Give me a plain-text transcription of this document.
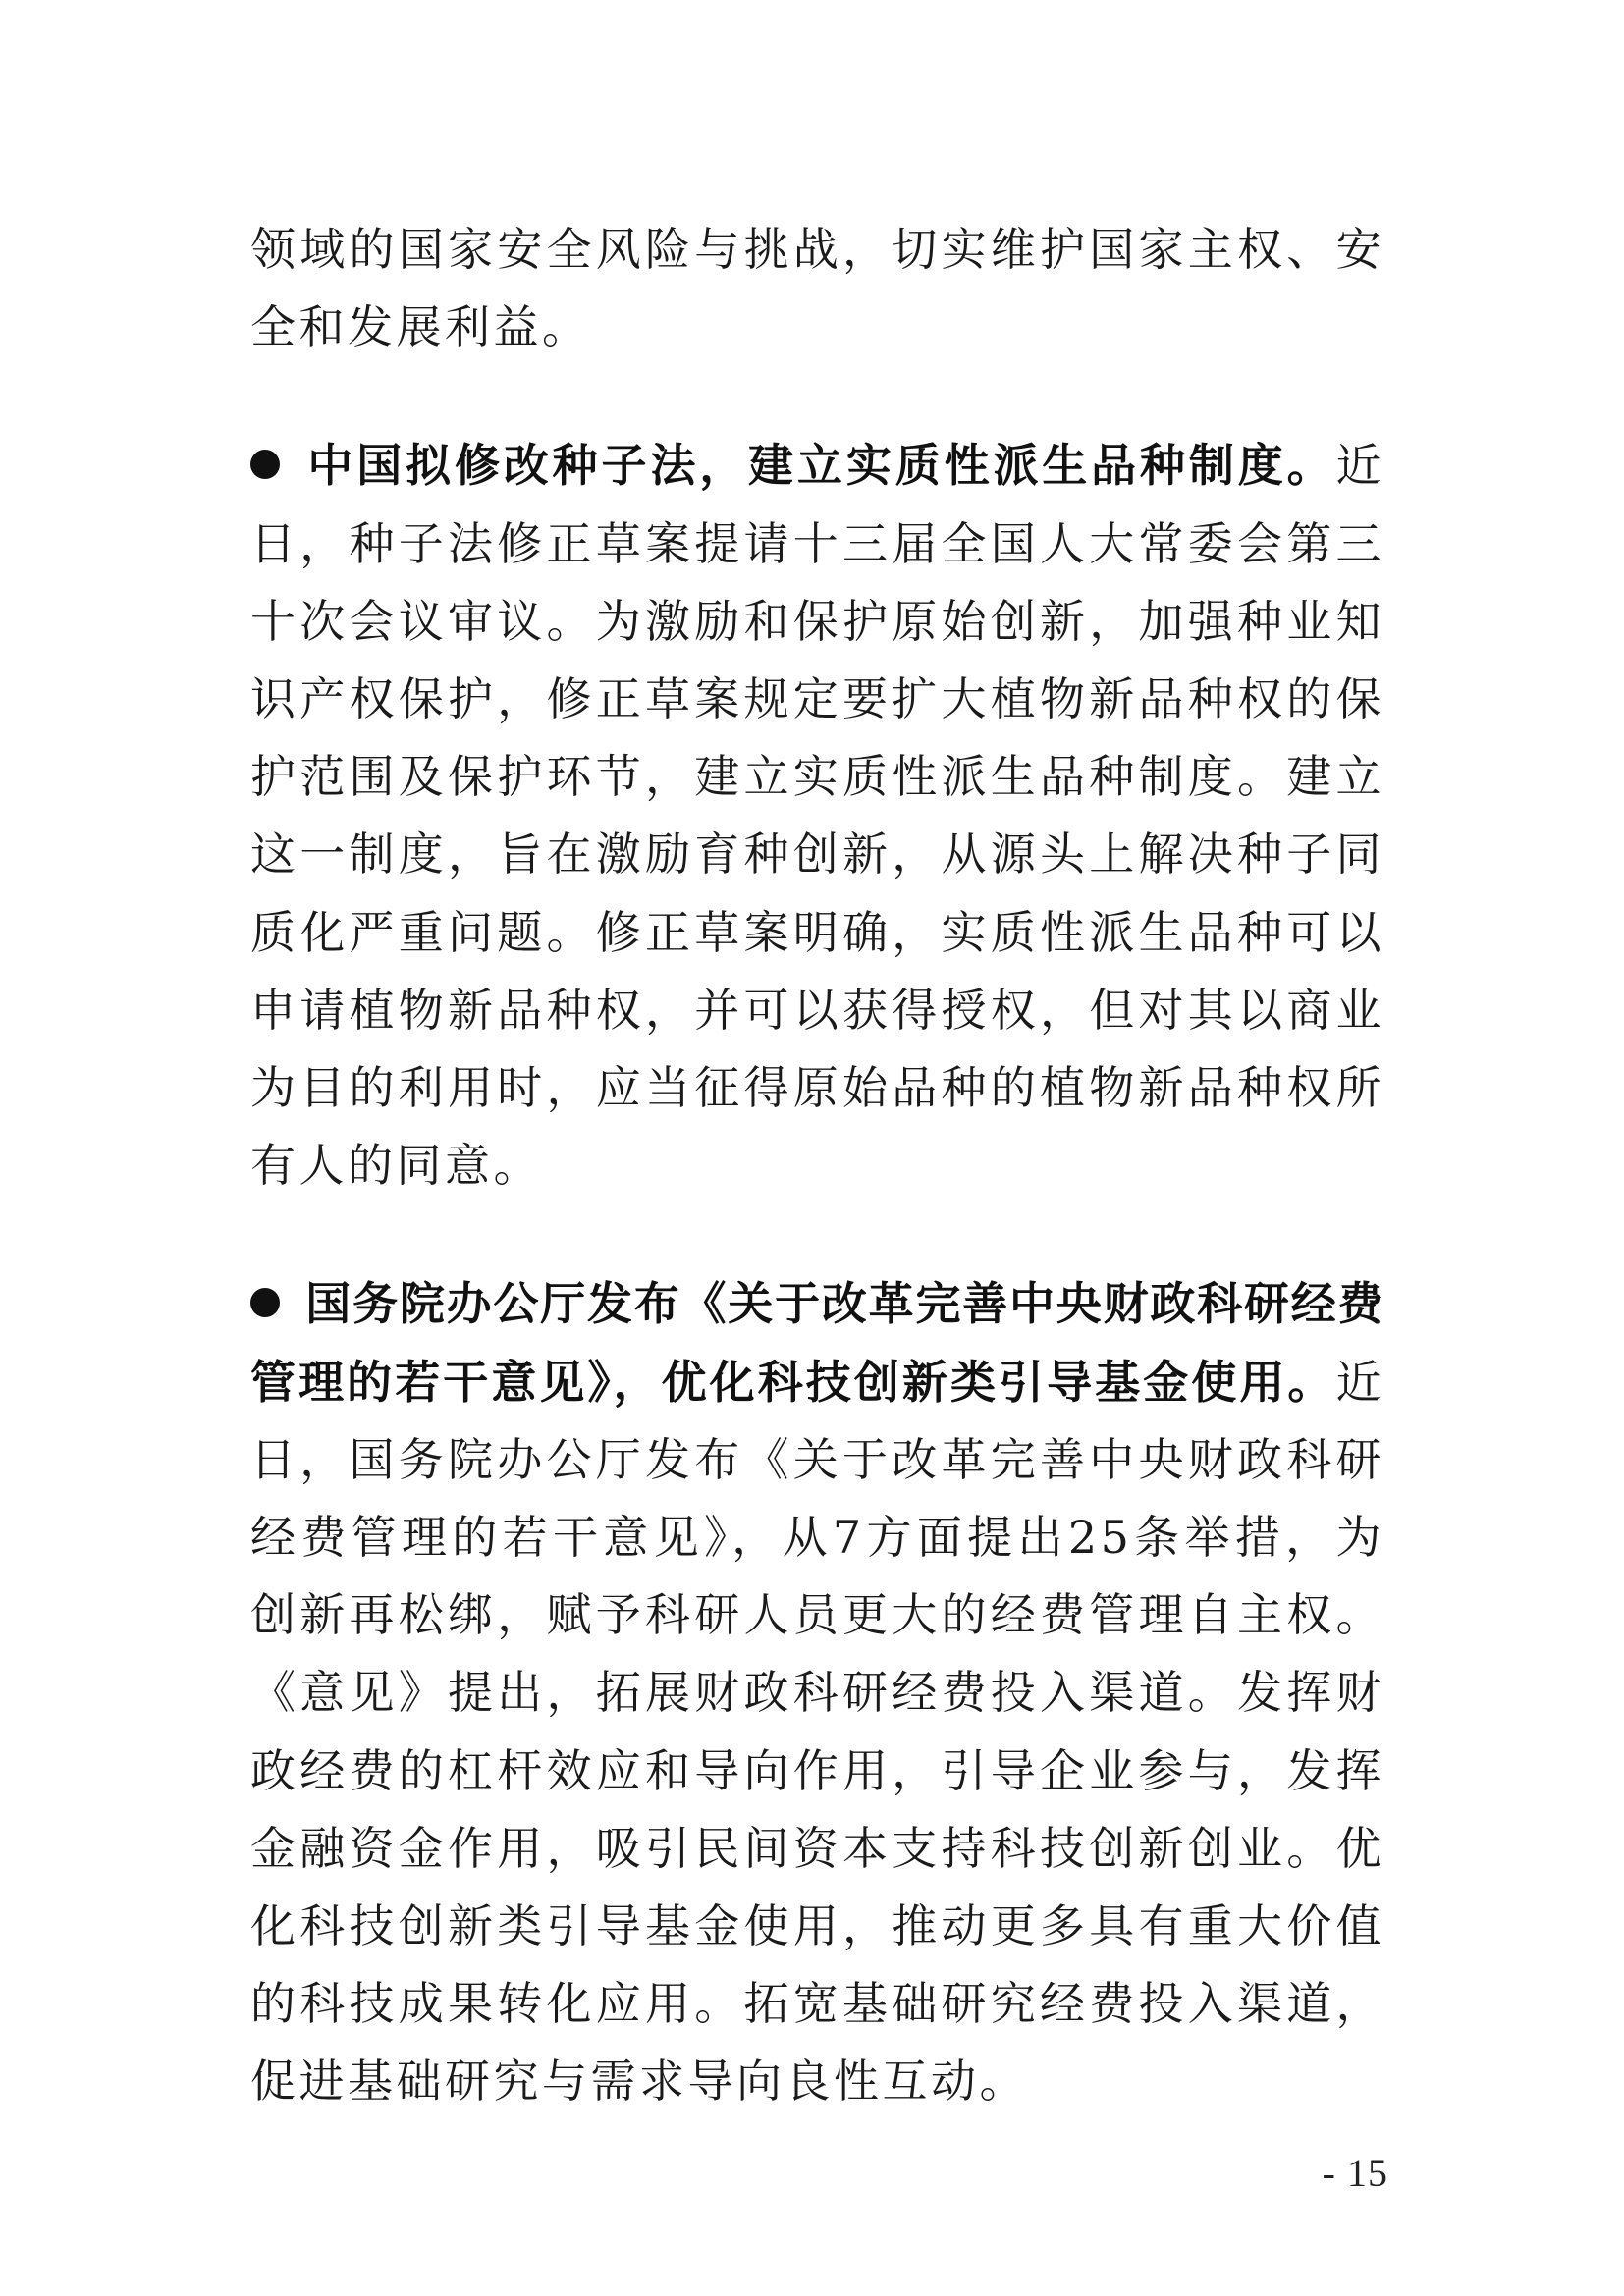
领域的国家安全风险与挑战，切实维护国家主权、安全和发展利益。

中国拟修改种子法，建立实质性派生品种制度。近日，种子法修正草案提请十三届全国人大常委会第三十次会议审议。为激励和保护原始创新，加强种业知识产权保护，修正草案规定要扩大植物新品种权的保护范围及保护环节，建立实质性派生品种制度。建立这一制度，旨在激励育种创新，从源头上解决种子同质化严重问题。修正草案明确，实质性派生品种可以申请植物新品种权，并可以获得授权，但对其以商业为目的利用时，应当征得原始品种的植物新品种权所有人的同意。

国务院办公厅发布《关于改革完善中央财政科研经费管理的若干意见》，优化科技创新类引导基金使用。近日，国务院办公厅发布《关于改革完善中央财政科研经费管理的若干意见》，从7方面提出25条举措，为创新再松绑，赋予科研人员更大的经费管理自主权。《意见》提出，拓展财政科研经费投入渠道。发挥财政经费的杠杆效应和导向作用，引导企业参与，发挥金融资金作用，吸引民间资本支持科技创新创业。优化科技创新类引导基金使用，推动更多具有重大价值的科技成果转化应用。拓宽基础研究经费投入渠道，促进基础研究与需求导向良性互动。

- 15
